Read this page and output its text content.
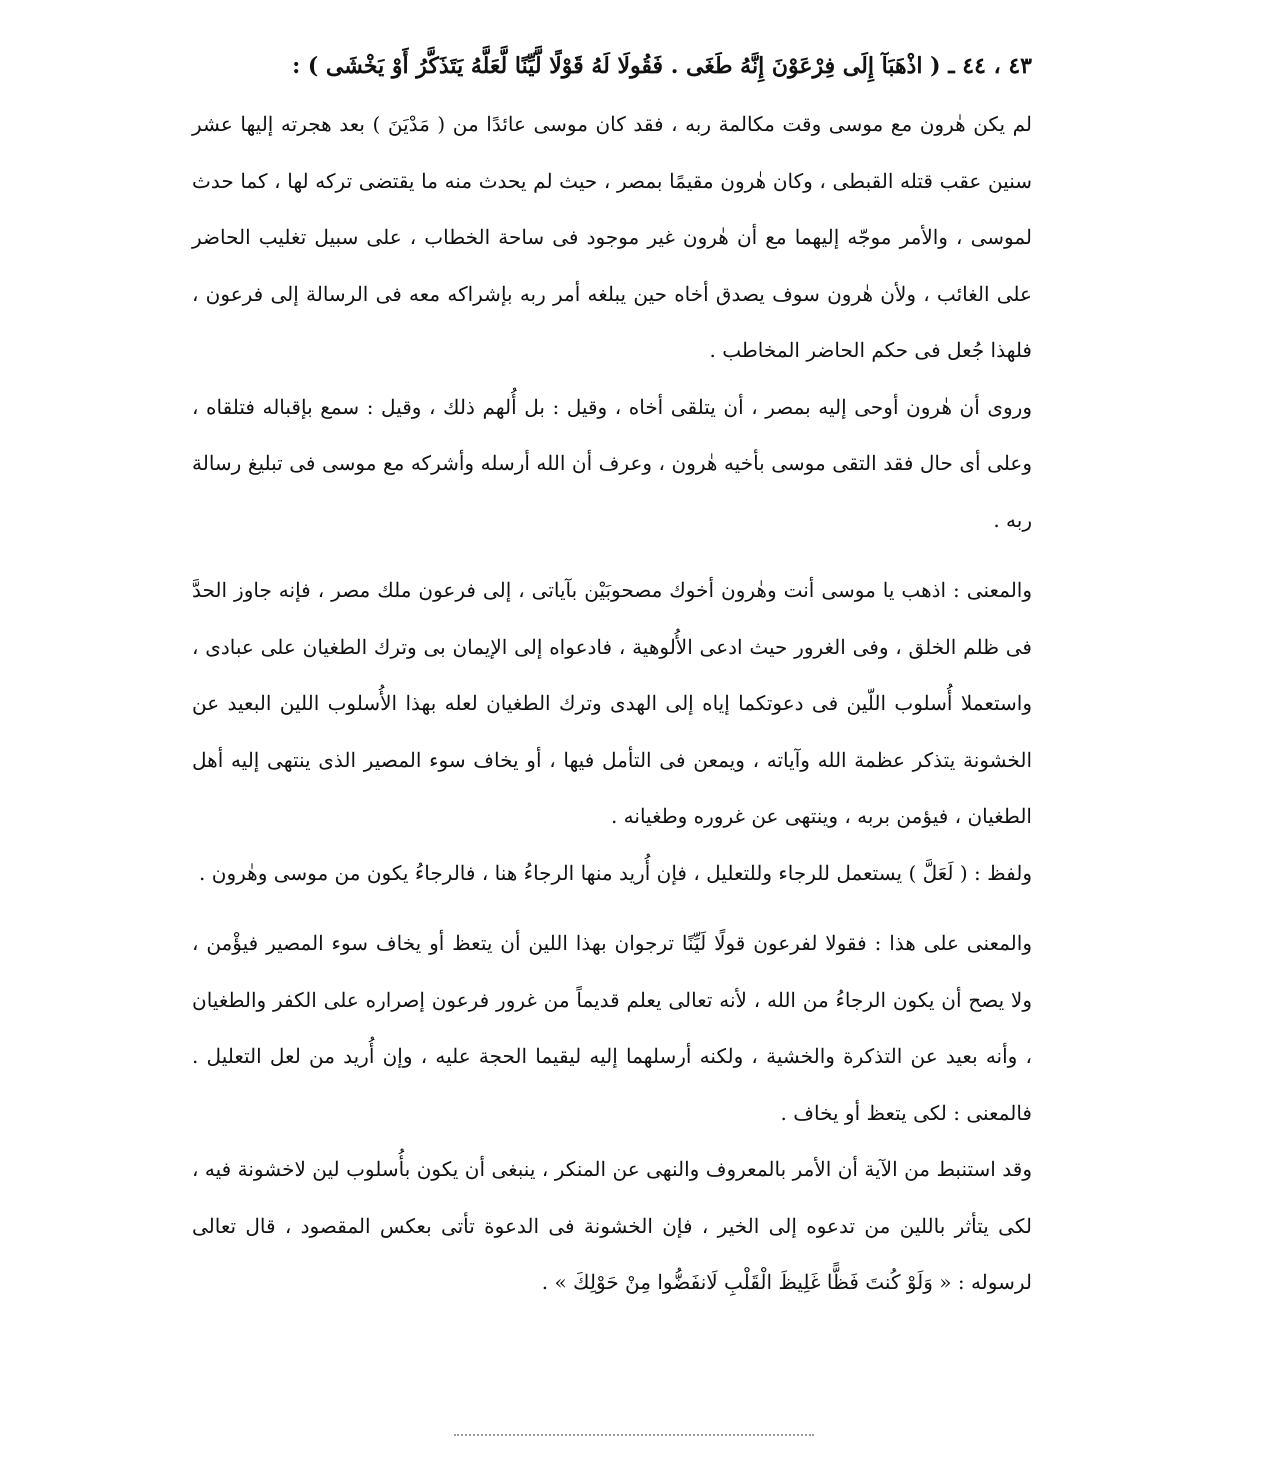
٤٣ ، ٤٤ ـ ( اذْهَبَآ إِلَى فِرْعَوْنَ إِنَّهُ طَغَى . فَقُولَا لَهُ قَوْلًا لَّيِّنًا لَّعَلَّهُ يَتَذَكَّرُ أَوْ يَخْشَى ) :
لم يكن هٰرون مع موسى وقت مكالمة ربه ، فقد كان موسى عائدًا من ( مَدْيَنَ ) بعد هجرته إليها عشر سنين عقب قتله القبطى ، وكان هٰرون مقيمًا بمصر ، حيث لم يحدث منه ما يقتضى تركه لها ، كما حدث لموسى ، والأمر موجّه إليهما مع أن هٰرون غير موجود فى ساحة الخطاب ، على سبيل تغليب الحاضر على الغائب ، ولأن هٰرون سوف يصدق أخاه حين يبلغه أمر ربه بإشراكه معه فى الرسالة إلى فرعون ، فلهذا جُعل فى حكم الحاضر المخاطب .
وروى أن هٰرون أوحى إليه بمصر ، أن يتلقى أخاه ، وقيل : بل أُلهم ذلك ، وقيل : سمع بإقباله فتلقاه ، وعلى أى حال فقد التقى موسى بأخيه هٰرون ، وعرف أن الله أرسله وأشركه مع موسى فى تبليغ رسالة ربه .
والمعنى : اذهب يا موسى أنت وهٰرون أخوك مصحوبَيْن بآياتى ، إلى فرعون ملك مصر ، فإنه جاوز الحدَّ فى ظلم الخلق ، وفى الغرور حيث ادعى الأُلوهية ، فادعواه إلى الإيمان بى وترك الطغيان على عبادى ، واستعملا أُسلوب اللّين فى دعوتكما إياه إلى الهدى وترك الطغيان لعله بهذا الأُسلوب اللين البعيد عن الخشونة يتذكر عظمة الله وآياته ، ويمعن فى التأمل فيها ، أو يخاف سوء المصير الذى ينتهى إليه أهل الطغيان ، فيؤمن بربه ، وينتهى عن غروره وطغيانه .
ولفظ : ( لَعَلَّ ) يستعمل للرجاء وللتعليل ، فإن أُريد منها الرجاءُ هنا ، فالرجاءُ يكون من موسى وهٰرون .
والمعنى على هذا : فقولا لفرعون قولًا لَيِّنًا ترجوان بهذا اللين أن يتعظ أو يخاف سوء المصير فيؤْمن ، ولا يصح أن يكون الرجاءُ من الله ، لأنه تعالى يعلم قديماً من غرور فرعون إصراره على الكفر والطغيان ، وأنه بعيد عن التذكرة والخشية ، ولكنه أرسلهما إليه ليقيما الحجة عليه ، وإن أُريد من لعل التعليل . فالمعنى : لكى يتعظ أو يخاف .
وقد استنبط من الآية أن الأمر بالمعروف والنهى عن المنكر ، ينبغى أن يكون بأُسلوب لين لاخشونة فيه ، لكى يتأثر باللين من تدعوه إلى الخير ، فإن الخشونة فى الدعوة تأتى بعكس المقصود ، قال تعالى لرسوله : « وَلَوْ كُنتَ فَظًّا غَلِيظَ الْقَلْبِ لَانفَضُّوا مِنْ حَوْلِكَ » .
